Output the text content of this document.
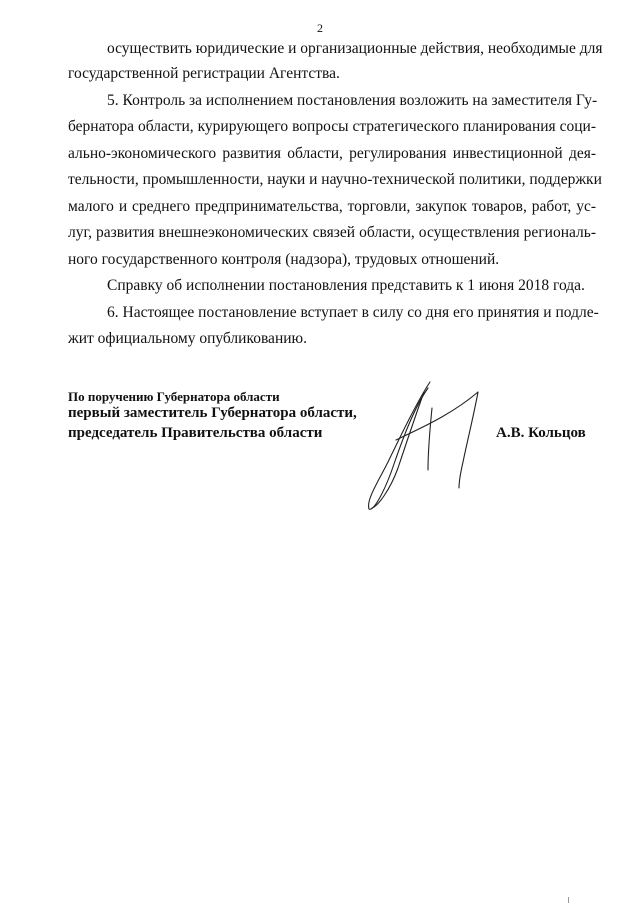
2
осуществить юридические и организационные действия, необходимые для
государственной регистрации Агентства.
5. Контроль за исполнением постановления возложить на заместителя Гу-
бернатора области, курирующего вопросы стратегического планирования соци-
ально-экономического развития области, регулирования инвестиционной дея-
тельности, промышленности, науки и научно-технической политики, поддержки
малого и среднего предпринимательства, торговли, закупок товаров, работ, ус-
луг, развития внешнеэкономических связей области, осуществления региональ-
ного государственного контроля (надзора), трудовых отношений.
Справку об исполнении постановления представить к 1 июня 2018 года.
6. Настоящее постановление вступает в силу со дня его принятия и подле-
жит официальному опубликованию.
По поручению Губернатора области
первый заместитель Губернатора области,
председатель Правительства области	А.В. Кольцов
